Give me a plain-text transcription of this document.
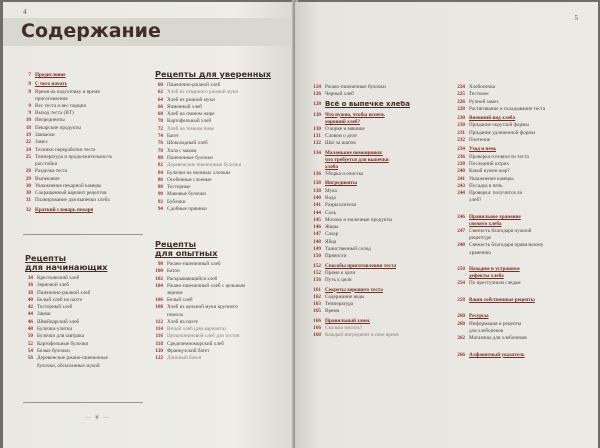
4
Содержание
7 Предисловие
8 С чего начать
8 Время на подготовку и время
приготовления
9 Вес теста и вес порции
9 Выход теста (ВТ)
10 Ингредиенты
18 Пекарские продукты
19 Закваски
22 Замес
24 Техники переработки теста
25 Температура и продолжительность
расстойки
28 Разделка теста
29 Выпекание
30 Увлажнение пекарной камеры
30 Сокращенный вариант рецептов
31 Планирование для выпечки хлеба
32 Краткий словарь пекаря
Рецепты
для начинающих
34 Крестьянский хлеб
36 Зерновой хлеб
38 Пшенично-ржаной хлеб
40 Белый хлеб на пахте
42 Тостерный хлеб
44 Заквас
46 Швейцарский хлеб
48 Булочки-улитки
50 Булочки для завтрака
52 Картофельные булочки
54 Белые булочки
56 Деревенские ржано-пшеничные
булочки, обсыпанные мукой
— ❦ —
Рецепты для уверенных
60 Пшенично-ржаной хлеб
62 Хлеб из отварного ржаной муки
64 Хлеб из ржаной муки
66 Ячменный хлеб
68 Хлеб на свином жире
70 Картофельный хлеб
72 Хлеб на темном пиве
74 Багет
76 Шоколадный хлеб
78 Хала с маком
80 Пшеничные булочки
82 Деревенские пшеничные булочки
84 Булочки на овсяных хлопьях
86 Особенные слоеные
88 Тостерные
90 Маковые булочки
92 Бублики
94 Сдобные пряники
Рецепты
для опытных
98 Ржано-пшеничный хлеб
100 Батон
102 Раскрывающийся хлеб
104 Ржано-пшеничный хлеб с цельным
зерном
106 Белый хлеб
108 Хлеб из цельной муки крупного
помола
112 Хлеб на пахте
114 Ветый хлеб (два варианта)
116 Цельнозерновой хлеб для тостов
118 Средиземноморский хлеб
120 Французский багет
122 Длинный батон
5
124 Ржано-пшеничные булочки
126 Черный хлеб
128 Всё о выпечке хлеба
130 Что нужно, чтобы испечь
хороший хлеб?
130 О корке и мякише
131 Словом о деле
132 Шаг за шагом
134 Маленькие помощники:
что требуется для выпечки
хлеба
136 Уборка и очистка
138 Ингредиенты
138 Мука
140 Вода
141 Разрыхлители
144 Соль
145 Молоко и молочные продукты
146 Жиры
147 Сахар
148 Яйца
149 Таинственный солод
150 Пряности
152 Способы приготовления теста
152 Прямо к цели
156 Путь к цели
161 Секреты хорошего теста
162 Содержание воды
163 Температура
165 Время
166 Правильный замес
166 Сколько месить?
168 Каждый ингредиент в свое время
224 Хлебопечка
225 Тестомес
226 Ручной замес
228 Растягивание и складывание теста
230 Внешний вид хлеба
230 Придание округлой формы
231 Придание удлиненной формы
232 Плетение
234 Уход и печь
236 Проверка готовности теста
238 Последний штрих
240 Какой нужен жар?
241 Увлажнение камеры
243 Посадка в печь
244 Проверка: получится ли
хлеб?
246 Правильное хранение
свежего хлеба
247 Свежесть благодаря нужной
рецептуре
248 Свежесть благодаря правильному
хранению
250 Находим и устраняем
дефекты хлеба
254 По преступным следам
258 Ваши собственные рецепты
260 Ресурсы
260 Информация и рецепты
для хлебопеков
262 Магазины для хлебопеков
266 Алфавитный указатель
